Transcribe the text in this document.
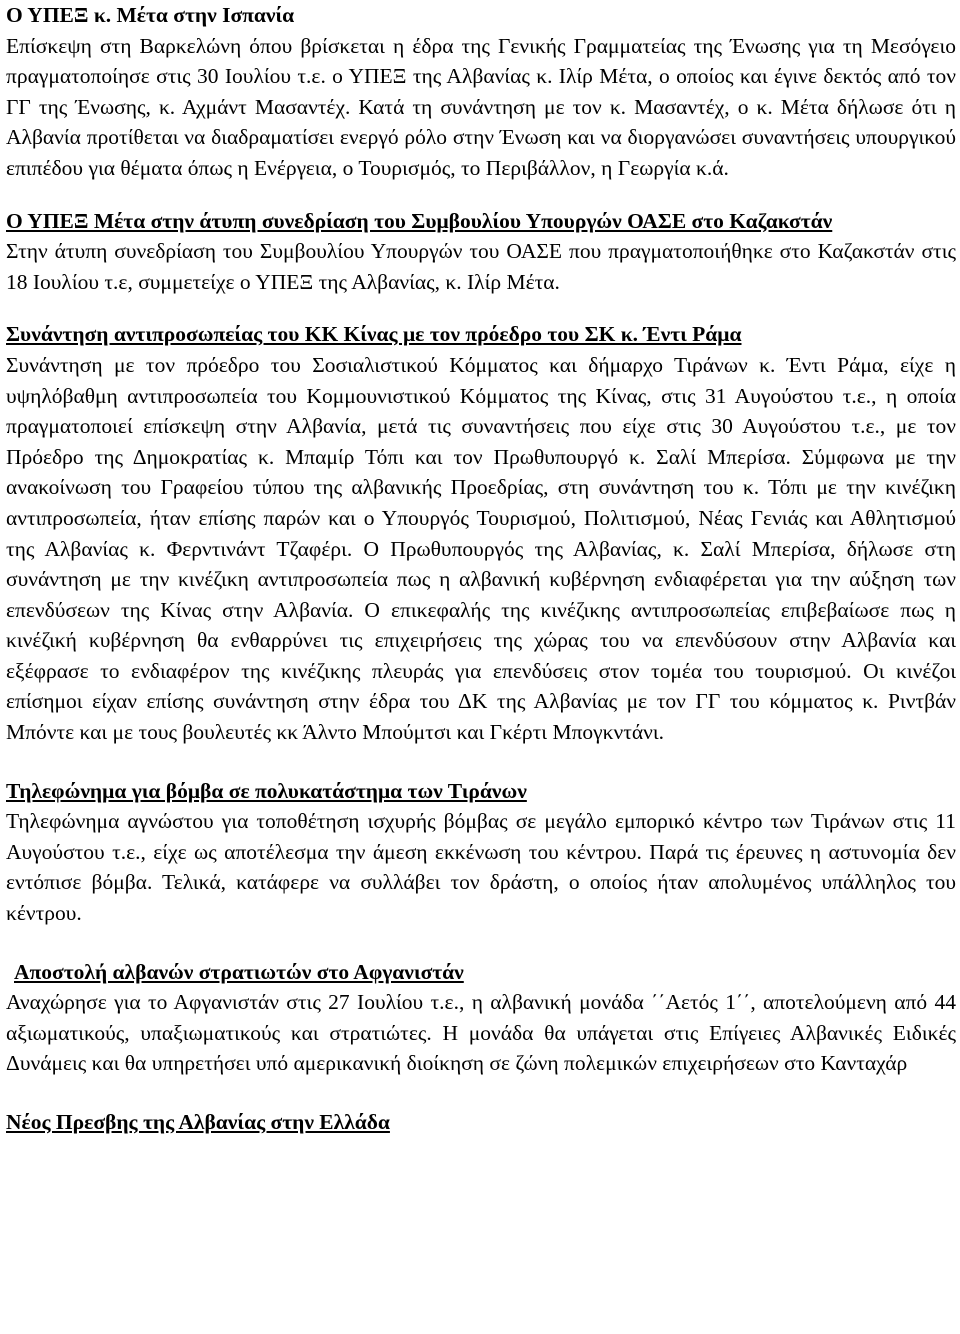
Ο ΥΠΕΞ κ. Μέτα στην Ισπανία
Επίσκεψη στη Βαρκελώνη όπου βρίσκεται η έδρα της Γενικής Γραμματείας της Ένωσης για τη Μεσόγειο πραγματοποίησε στις 30 Ιουλίου τ.ε. ο ΥΠΕΞ της Αλβανίας κ. Ιλίρ Μέτα, ο οποίος και έγινε δεκτός από τον ΓΓ της Ένωσης, κ. Αχμάντ Μασαντέχ. Κατά τη συνάντηση με τον κ. Μασαντέχ, ο κ. Μέτα δήλωσε ότι η Αλβανία προτίθεται να διαδραματίσει ενεργό ρόλο στην Ένωση και να διοργανώσει συναντήσεις υπουργικού επιπέδου για θέματα όπως η Ενέργεια, ο Τουρισμός, το Περιβάλλον, η Γεωργία κ.ά.
Ο ΥΠΕΞ Μέτα στην άτυπη συνεδρίαση του Συμβουλίου Υπουργών ΟΑΣΕ στο Καζακστάν
Στην άτυπη συνεδρίαση του Συμβουλίου Υπουργών του ΟΑΣΕ που πραγματοποιήθηκε στο Καζακστάν στις 18 Ιουλίου τ.ε, συμμετείχε ο ΥΠΕΞ της Αλβανίας, κ. Ιλίρ Μέτα.
Συνάντηση αντιπροσωπείας του ΚΚ Κίνας με τον πρόεδρο του ΣΚ κ. Έντι Ράμα
Συνάντηση με τον πρόεδρο του Σοσιαλιστικού Κόμματος και δήμαρχο Τιράνων κ. Έντι Ράμα, είχε η υψηλόβαθμη αντιπροσωπεία του Κομμουνιστικού Κόμματος της Κίνας, στις 31 Αυγούστου τ.ε., η οποία πραγματοποιεί επίσκεψη στην Αλβανία, μετά τις συναντήσεις που είχε στις 30 Αυγούστου τ.ε., με τον Πρόεδρο της Δημοκρατίας κ. Μπαμίρ Τόπι και τον Πρωθυπουργό κ. Σαλί Μπερίσα. Σύμφωνα με την ανακοίνωση του Γραφείου τύπου της αλβανικής Προεδρίας, στη συνάντηση του κ. Τόπι με την κινέζικη αντιπροσωπεία, ήταν επίσης παρών και ο Υπουργός Τουρισμού, Πολιτισμού, Νέας Γενιάς και Αθλητισμού της Αλβανίας κ. Φερντινάντ Τζαφέρι. Ο Πρωθυπουργός της Αλβανίας, κ. Σαλί Μπερίσα, δήλωσε στη συνάντηση με την κινέζικη αντιπροσωπεία πως η αλβανική κυβέρνηση ενδιαφέρεται για την αύξηση των επενδύσεων της Κίνας στην Αλβανία. Ο επικεφαλής της κινέζικης αντιπροσωπείας επιβεβαίωσε πως η κινέζική κυβέρνηση θα ενθαρρύνει τις επιχειρήσεις της χώρας του να επενδύσουν στην Αλβανία και εξέφρασε το ενδιαφέρον της κινέζικης πλευράς για επενδύσεις στον τομέα του τουρισμού. Οι κινέζοι επίσημοι είχαν επίσης συνάντηση στην έδρα του ΔΚ της Αλβανίας με τον ΓΓ του κόμματος κ. Ριντβάν Μπόντε και με τους βουλευτές κκ Άλντο Μπούμτσι και Γκέρτι Μπογκντάνι.
Τηλεφώνημα για βόμβα σε πολυκατάστημα των Τιράνων
Τηλεφώνημα αγνώστου για τοποθέτηση ισχυρής βόμβας σε μεγάλο εμπορικό κέντρο των Τιράνων στις 11 Αυγούστου τ.ε., είχε ως αποτέλεσμα την άμεση εκκένωση του κέντρου. Παρά τις έρευνες η αστυνομία δεν εντόπισε βόμβα. Τελικά, κατάφερε να συλλάβει τον δράστη, ο οποίος ήταν απολυμένος υπάλληλος του κέντρου.
Αποστολή αλβανών στρατιωτών στο Αφγανιστάν
Αναχώρησε για το Αφγανιστάν στις 27 Ιουλίου τ.ε., η αλβανική μονάδα ΄΄Αετός 1΄΄, αποτελούμενη από 44 αξιωματικούς, υπαξιωματικούς και στρατιώτες. Η μονάδα θα υπάγεται στις Επίγειες Αλβανικές Ειδικές Δυνάμεις και θα υπηρετήσει υπό αμερικανική διοίκηση σε ζώνη πολεμικών επιχειρήσεων στο Κανταχάρ
Νέος Πρεσβης της Αλβανίας στην Ελλάδα
